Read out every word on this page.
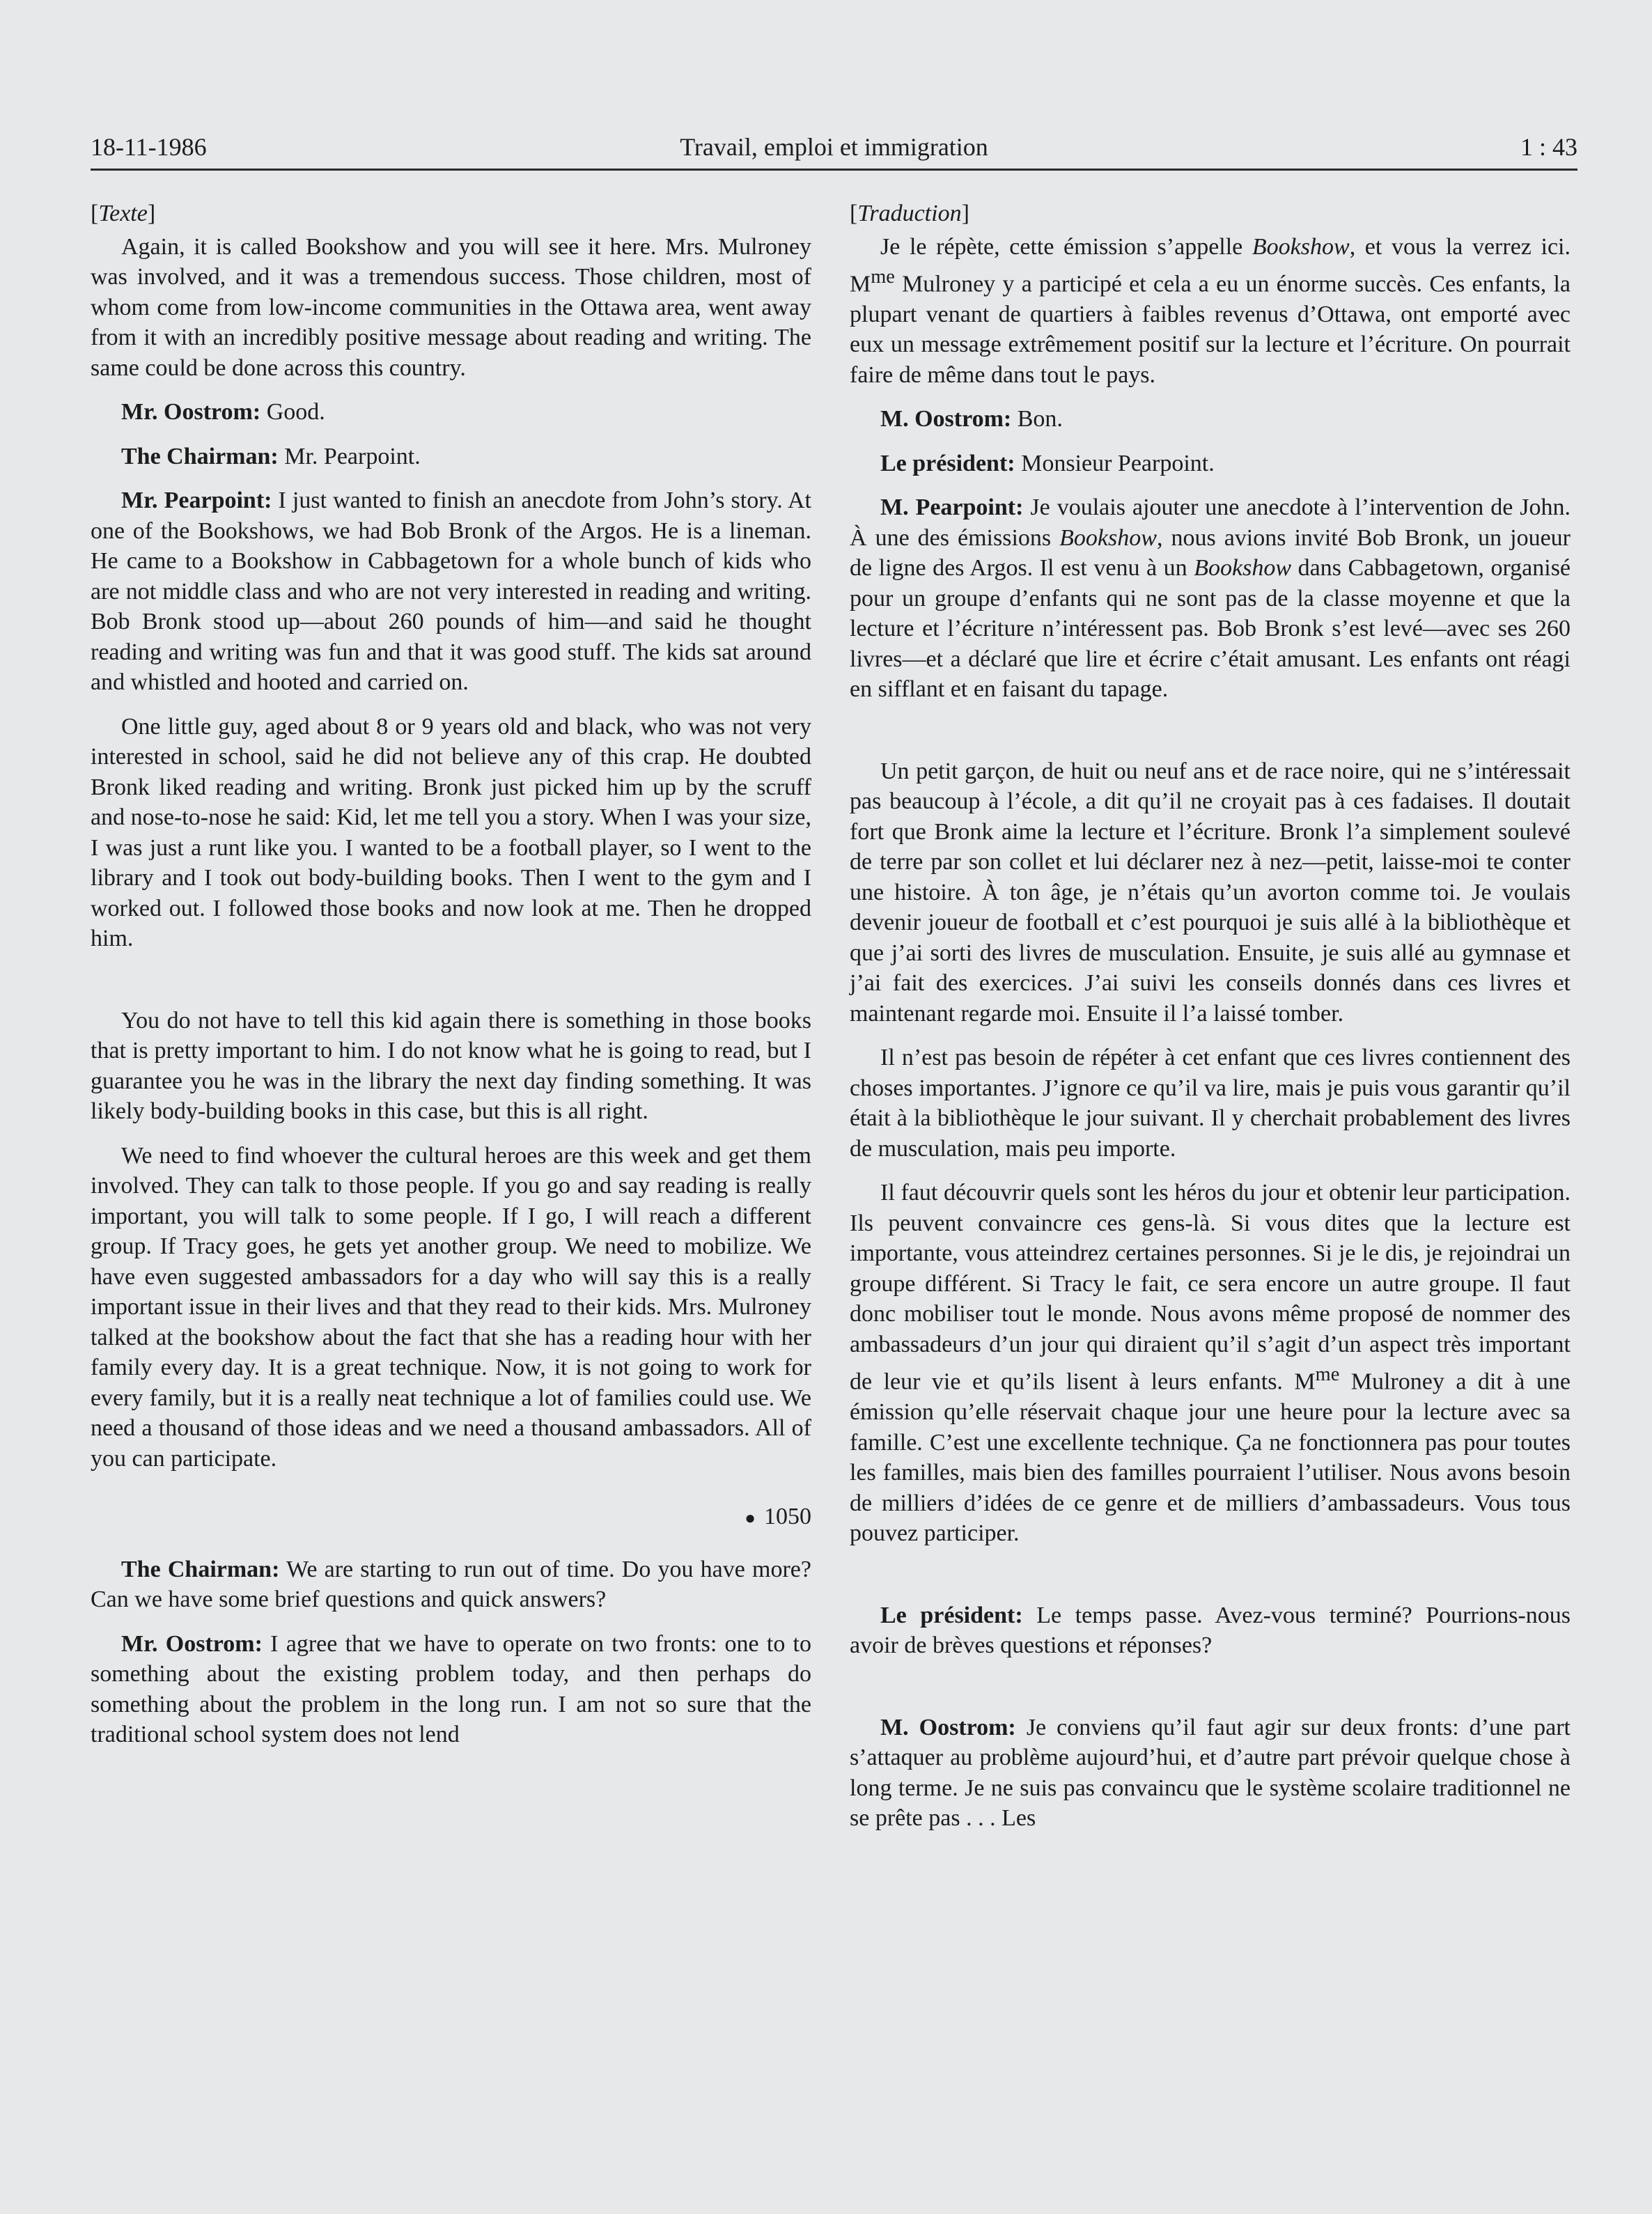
18-11-1986	Travail, emploi et immigration	1 : 43

[Texte]

Again, it is called Bookshow and you will see it here. Mrs. Mulroney was involved, and it was a tremendous success. Those children, most of whom come from low-income communities in the Ottawa area, went away from it with an incredibly positive message about reading and writing. The same could be done across this country.

Mr. Oostrom: Good.

The Chairman: Mr. Pearpoint.

Mr. Pearpoint: I just wanted to finish an anecdote from John’s story. At one of the Bookshows, we had Bob Bronk of the Argos. He is a lineman. He came to a Bookshow in Cabbagetown for a whole bunch of kids who are not middle class and who are not very interested in reading and writing. Bob Bronk stood up—about 260 pounds of him—and said he thought reading and writing was fun and that it was good stuff. The kids sat around and whistled and hooted and carried on.

One little guy, aged about 8 or 9 years old and black, who was not very interested in school, said he did not believe any of this crap. He doubted Bronk liked reading and writing. Bronk just picked him up by the scruff and nose-to-nose he said: Kid, let me tell you a story. When I was your size, I was just a runt like you. I wanted to be a football player, so I went to the library and I took out body-building books. Then I went to the gym and I worked out. I followed those books and now look at me. Then he dropped him.

You do not have to tell this kid again there is something in those books that is pretty important to him. I do not know what he is going to read, but I guarantee you he was in the library the next day finding something. It was likely body-building books in this case, but this is all right.

We need to find whoever the cultural heroes are this week and get them involved. They can talk to those people. If you go and say reading is really important, you will talk to some people. If I go, I will reach a different group. If Tracy goes, he gets yet another group. We need to mobilize. We have even suggested ambassadors for a day who will say this is a really important issue in their lives and that they read to their kids. Mrs. Mulroney talked at the bookshow about the fact that she has a reading hour with her family every day. It is a great technique. Now, it is not going to work for every family, but it is a really neat technique a lot of families could use. We need a thousand of those ideas and we need a thousand ambassadors. All of you can participate.

● 1050

The Chairman: We are starting to run out of time. Do you have more? Can we have some brief questions and quick answers?

Mr. Oostrom: I agree that we have to operate on two fronts: one to to something about the existing problem today, and then perhaps do something about the problem in the long run. I am not so sure that the traditional school system does not lend

[Traduction]

Je le répète, cette émission s’appelle Bookshow, et vous la verrez ici. $M^{me}$ Mulroney y a participé et cela a eu un énorme succès. Ces enfants, la plupart venant de quartiers à faibles revenus d’Ottawa, ont emporté avec eux un message extrêmement positif sur la lecture et l’écriture. On pourrait faire de même dans tout le pays.

M. Oostrom: Bon.

Le président: Monsieur Pearpoint.

M. Pearpoint: Je voulais ajouter une anecdote à l’intervention de John. À une des émissions Bookshow, nous avions invité Bob Bronk, un joueur de ligne des Argos. Il est venu à un Bookshow dans Cabbagetown, organisé pour un groupe d’enfants qui ne sont pas de la classe moyenne et que la lecture et l’écriture n’intéressent pas. Bob Bronk s’est levé—avec ses 260 livres—et a déclaré que lire et écrire c’était amusant. Les enfants ont réagi en sifflant et en faisant du tapage.

Un petit garçon, de huit ou neuf ans et de race noire, qui ne s’intéressait pas beaucoup à l’école, a dit qu’il ne croyait pas à ces fadaises. Il doutait fort que Bronk aime la lecture et l’écriture. Bronk l’a simplement soulevé de terre par son collet et lui déclarer nez à nez—petit, laisse-moi te conter une histoire. À ton âge, je n’étais qu’un avorton comme toi. Je voulais devenir joueur de football et c’est pourquoi je suis allé à la bibliothèque et que j’ai sorti des livres de musculation. Ensuite, je suis allé au gymnase et j’ai fait des exercices. J’ai suivi les conseils donnés dans ces livres et maintenant regarde moi. Ensuite il l’a laissé tomber.

Il n’est pas besoin de répéter à cet enfant que ces livres contiennent des choses importantes. J’ignore ce qu’il va lire, mais je puis vous garantir qu’il était à la bibliothèque le jour suivant. Il y cherchait probablement des livres de musculation, mais peu importe.

Il faut découvrir quels sont les héros du jour et obtenir leur participation. Ils peuvent convaincre ces gens-là. Si vous dites que la lecture est importante, vous atteindrez certaines personnes. Si je le dis, je rejoindrai un groupe différent. Si Tracy le fait, ce sera encore un autre groupe. Il faut donc mobiliser tout le monde. Nous avons même proposé de nommer des ambassadeurs d’un jour qui diraient qu’il s’agit d’un aspect très important de leur vie et qu’ils lisent à leurs enfants. $M^{me}$ Mulroney a dit à une émission qu’elle réservait chaque jour une heure pour la lecture avec sa famille. C’est une excellente technique. Ça ne fonctionnera pas pour toutes les familles, mais bien des familles pourraient l’utiliser. Nous avons besoin de milliers d’idées de ce genre et de milliers d’ambassadeurs. Vous tous pouvez participer.

Le président: Le temps passe. Avez-vous terminé? Pourrions-nous avoir de brèves questions et réponses?

M. Oostrom: Je conviens qu’il faut agir sur deux fronts: d’une part s’attaquer au problème aujourd’hui, et d’autre part prévoir quelque chose à long terme. Je ne suis pas convaincu que le système scolaire traditionnel ne se prête pas . . . Les
